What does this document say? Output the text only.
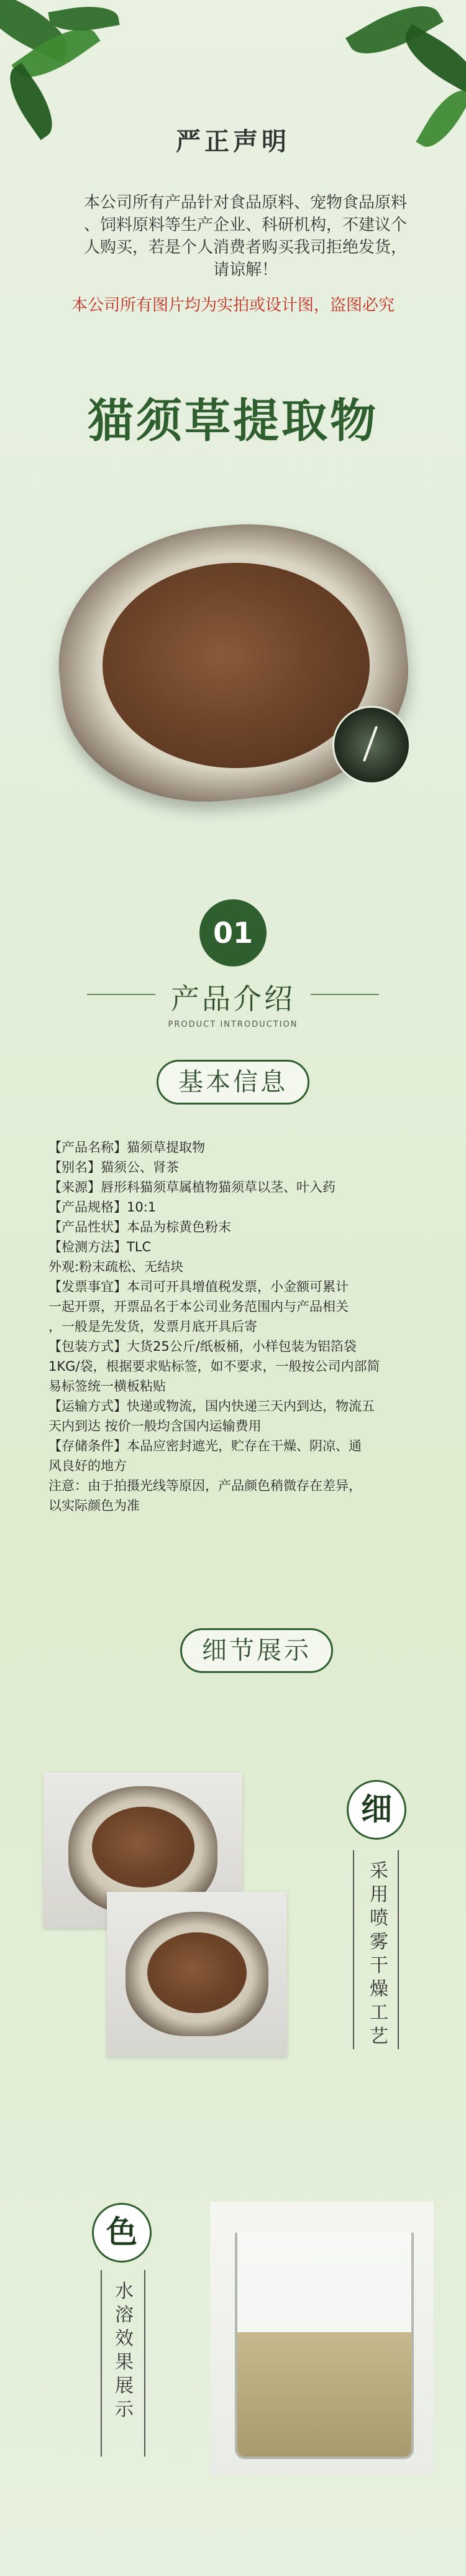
严正声明
本公司所有产品针对食品原料、宠物食品原料
、饲料原料等生产企业、科研机构，不建议个
人购买，若是个人消费者购买我司拒绝发货，
请谅解！
本公司所有图片均为实拍或设计图，盗图必究
猫须草提取物
01
产品介绍
PRODUCT INTRODUCTION
基本信息
【产品名称】猫须草提取物
【别名】猫须公、肾茶
【来源】唇形科猫须草属植物猫须草以茎、叶入药
【产品规格】10:1
【产品性状】本品为棕黄色粉末
【检测方法】TLC
外观:粉末疏松、无结块
【发票事宜】本司可开具增值税发票，小金额可累计
一起开票，开票品名于本公司业务范围内与产品相关
，一般是先发货，发票月底开具后寄
【包装方式】大货25公斤/纸板桶，小样包装为铝箔袋
1KG/袋，根据要求贴标签，如不要求，一般按公司内部简
易标签统一横板粘贴
【运输方式】快递或物流，国内快递三天内到达，物流五
天内到达 按价一般均含国内运输费用
【存储条件】本品应密封遮光，贮存在干燥、阴凉、通
风良好的地方
注意：由于拍摄光线等原因，产品颜色稍微存在差异，
以实际颜色为准
细节展示
细
采用喷雾干燥工艺
色
水溶效果展示
